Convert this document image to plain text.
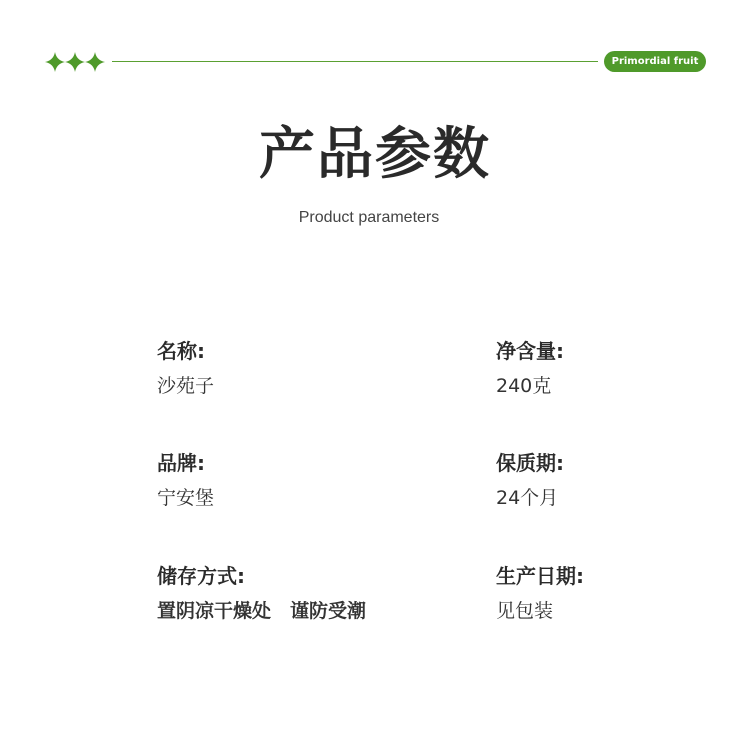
Primordial fruit
产品参数
Product parameters
名称:
沙苑子
净含量:
240克
品牌:
宁安堡
保质期:
24个月
储存方式:
置阴凉干燥处　谨防受潮
生产日期:
见包装
